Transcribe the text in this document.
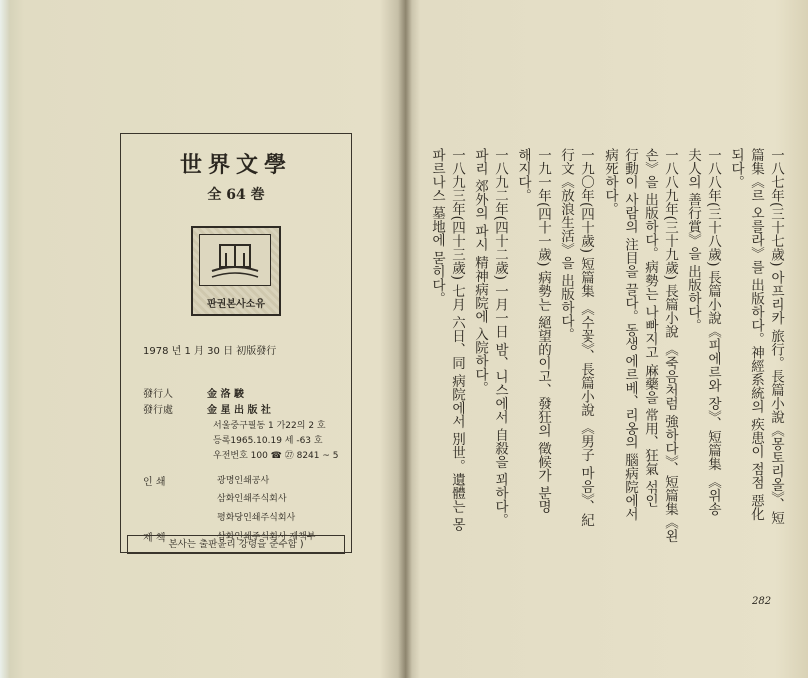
世界文學
全 64 巻
판권본사소유
1978 년 1 月 30 日 初版發行
發行人	金 洛 駿
發行處	金 星 出 版 社
서울중구필동 1 가22의 2 호
등록1965.10.19 세 -63 호
우전번호 100 ☎ ㉗ 8241 ~ 5
인 쇄	광명인쇄공사
삼화인쇄주식회사
평화당인쇄주식회사
제 책	삼화인쇄주식회사 제책부
본사는 출판윤리 강령을 준수함 )
一八七年(三十七歲) 아프리카 旅行。長篇小說《몽토리올》、短
篇集《르 오를라》를 出版하다。神經系統의 疾患이 점점 惡化
되다。
一八八年(三十八歲) 長篇小說《피에르와 장》、短篇集 《위송
夫人의 善行賞》을 出版하다。
一八八九年(三十九歲) 長篇小說 《죽음처럼 強하다》、短篇集《왼
손》을 出版하다。病勢는 나빠지고 麻藥을 常用、狂氣 섞인
行動이 사람의 注目을 끌다。동생 에르베、리옹의 腦病院에서
病死하다。
一九〇年(四十歲) 短篇集 《수꽃》、長篇小說 《男子 마음》、紀
行文《放浪生活》을 出版하다。
一九一年(四十一歲) 病勢는 絕望的이고、發狂의 徵候가 분명
해지다。
一八九二年(四十二歲) 一月一日 밤、니스에서 自殺을 꾀하다。
파리 郊外의 파시 精神病院에 入院하다。
一八九三年(四十三歲) 七月 六日、同 病院에서 別世。遺體는 몽
파르나스 墓地에 묻히다。
282
